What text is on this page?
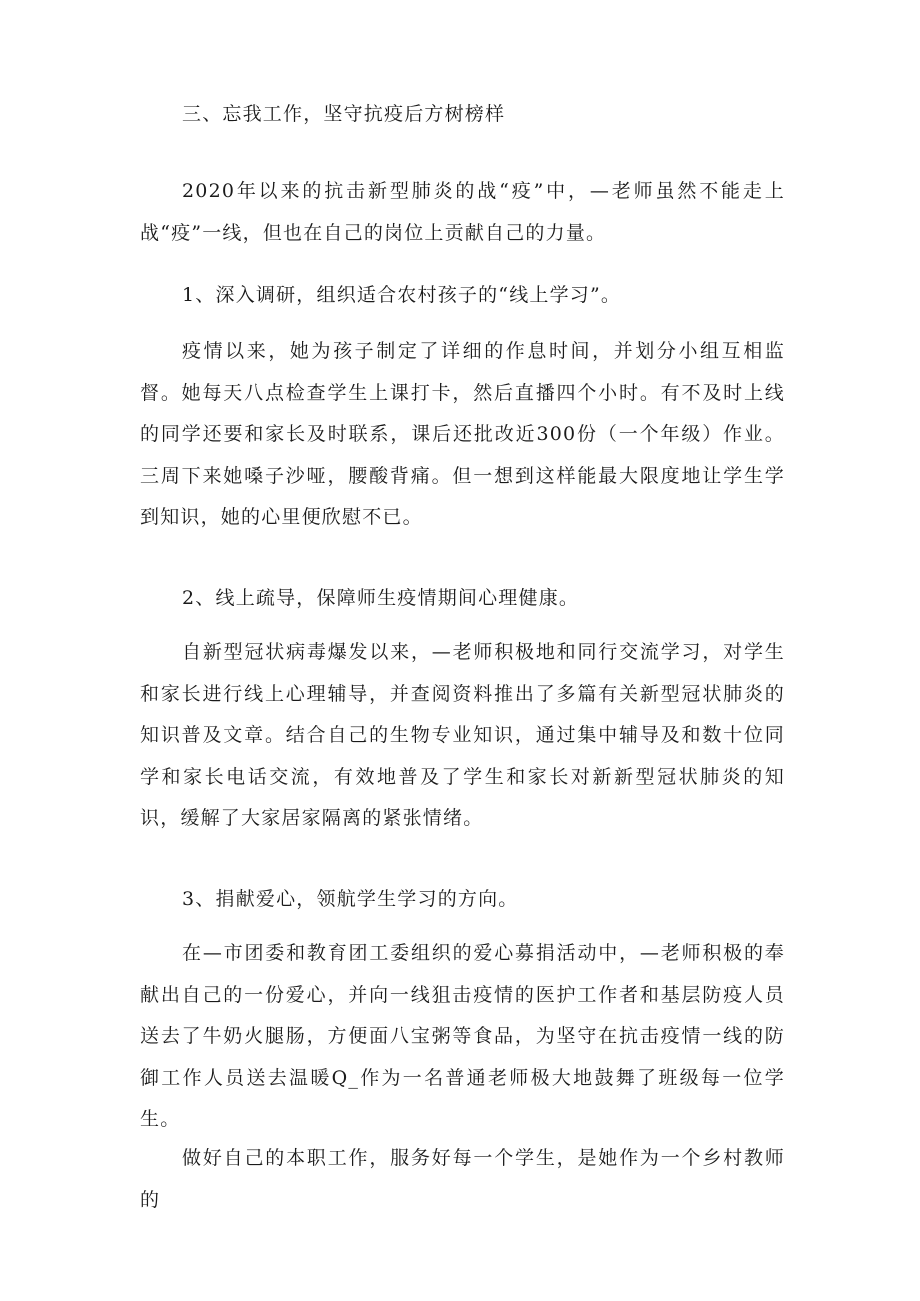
三、忘我工作，坚守抗疫后方树榜样

2020年以来的抗击新型肺炎的战“疫”中，—老师虽然不能走上战“疫”一线，但也在自己的岗位上贡献自己的力量。

1、深入调研，组织适合农村孩子的“线上学习”。

疫情以来，她为孩子制定了详细的作息时间，并划分小组互相监督。她每天八点检查学生上课打卡，然后直播四个小时。有不及时上线的同学还要和家长及时联系，课后还批改近300份（一个年级）作业。三周下来她嗓子沙哑，腰酸背痛。但一想到这样能最大限度地让学生学到知识，她的心里便欣慰不已。

2、线上疏导，保障师生疫情期间心理健康。

自新型冠状病毒爆发以来，—老师积极地和同行交流学习，对学生和家长进行线上心理辅导，并查阅资料推出了多篇有关新型冠状肺炎的知识普及文章。结合自己的生物专业知识，通过集中辅导及和数十位同学和家长电话交流，有效地普及了学生和家长对新新型冠状肺炎的知识，缓解了大家居家隔离的紧张情绪。

3、捐献爱心，领航学生学习的方向。

在—市团委和教育团工委组织的爱心募捐活动中，—老师积极的奉献出自己的一份爱心，并向一线狙击疫情的医护工作者和基层防疫人员送去了牛奶火腿肠，方便面八宝粥等食品，为坚守在抗击疫情一线的防御工作人员送去温暖Q_作为一名普通老师极大地鼓舞了班级每一位学生。

做好自己的本职工作，服务好每一个学生，是她作为一个乡村教师的
